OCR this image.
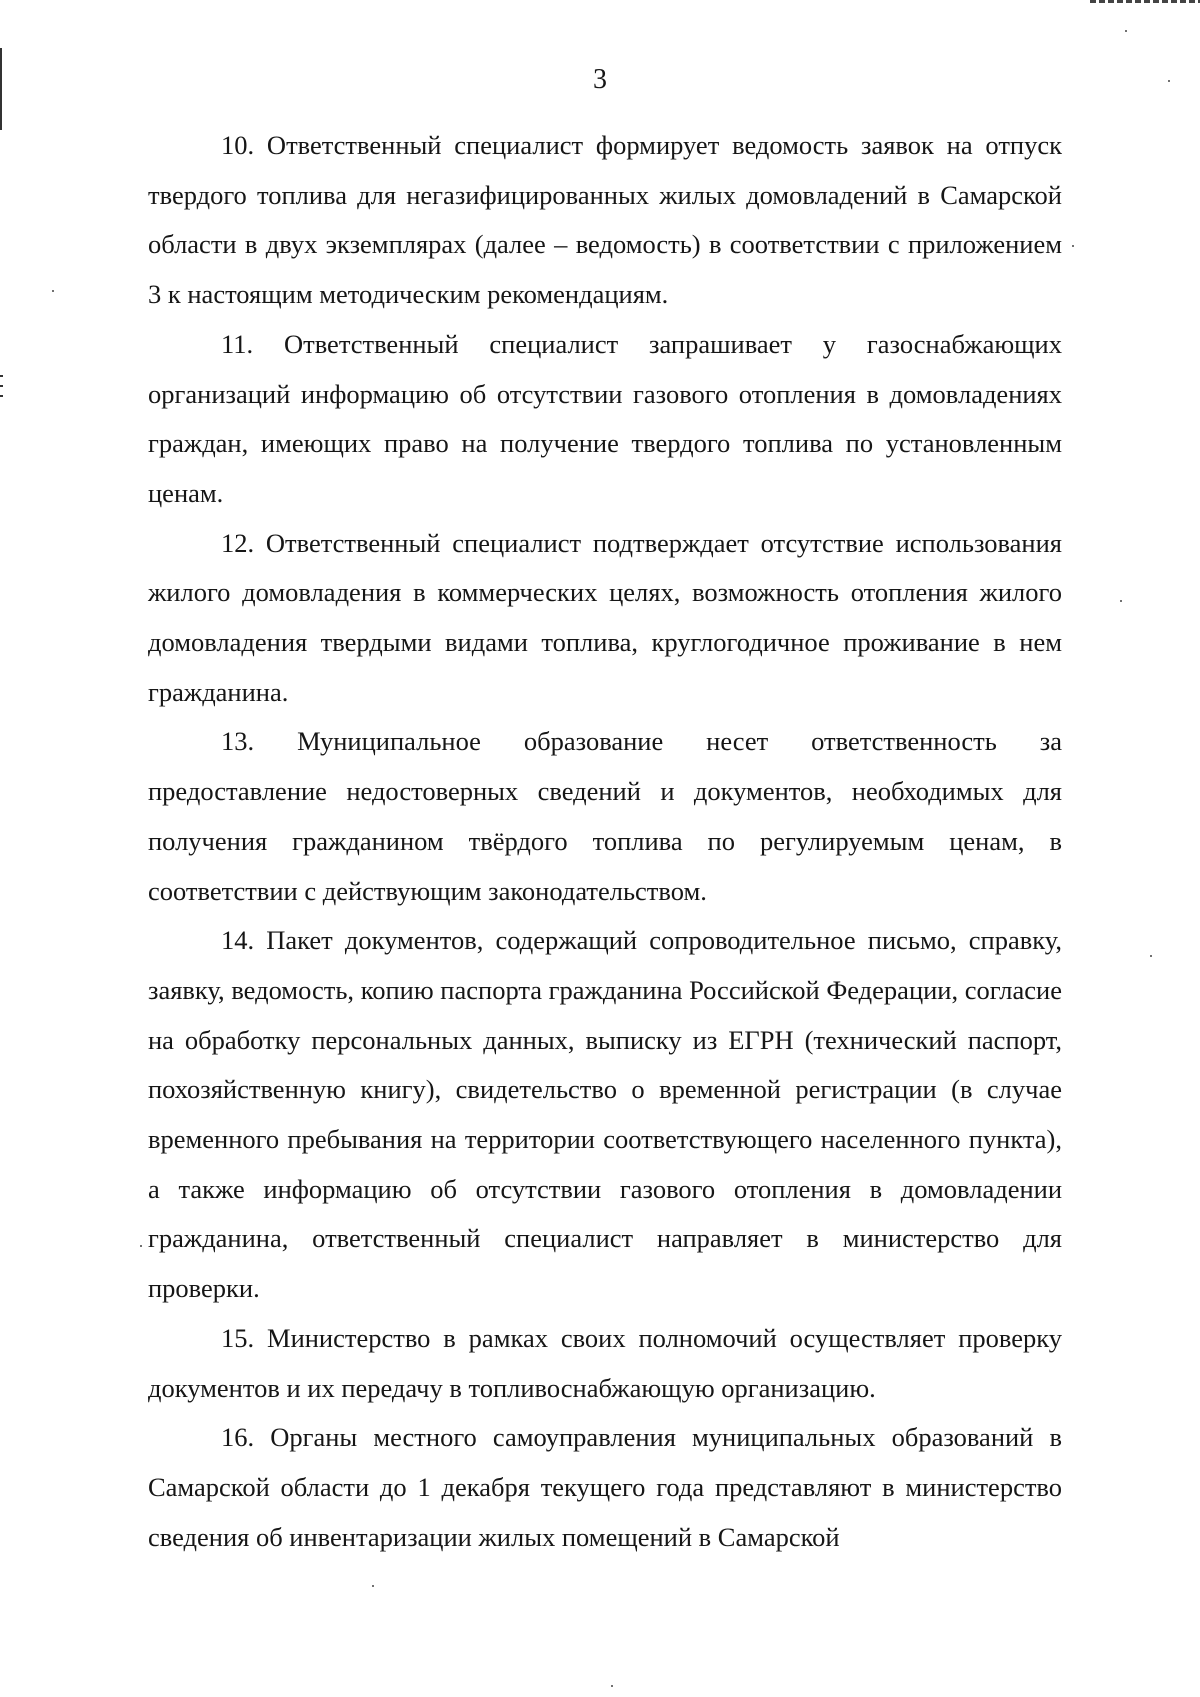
3

10. Ответственный специалист формирует ведомость заявок на отпуск твердого топлива для негазифицированных жилых домовладений в Самарской области в двух экземплярах (далее – ведомость) в соответствии с приложением 3 к настоящим методическим рекомендациям.

11. Ответственный специалист запрашивает у газоснабжающих организаций информацию об отсутствии газового отопления в домовладениях граждан, имеющих право на получение твердого топлива по установленным ценам.

12. Ответственный специалист подтверждает отсутствие использования жилого домовладения в коммерческих целях, возможность отопления жилого домовладения твердыми видами топлива, круглогодичное проживание в нем гражданина.

13. Муниципальное образование несет ответственность за предоставление недостоверных сведений и документов, необходимых для получения гражданином твёрдого топлива по регулируемым ценам, в соответствии с действующим законодательством.

14. Пакет документов, содержащий сопроводительное письмо, справку, заявку, ведомость, копию паспорта гражданина Российской Федерации, согласие на обработку персональных данных, выписку из ЕГРН (технический паспорт, похозяйственную книгу), свидетельство о временной регистрации (в случае временного пребывания на территории соответствующего населенного пункта), а также информацию об отсутствии газового отопления в домовладении гражданина, ответственный специалист направляет в министерство для проверки.

15. Министерство в рамках своих полномочий осуществляет проверку документов и их передачу в топливоснабжающую организацию.

16. Органы местного самоуправления муниципальных образований в Самарской области до 1 декабря текущего года представляют в министерство сведения об инвентаризации жилых помещений в Самарской
